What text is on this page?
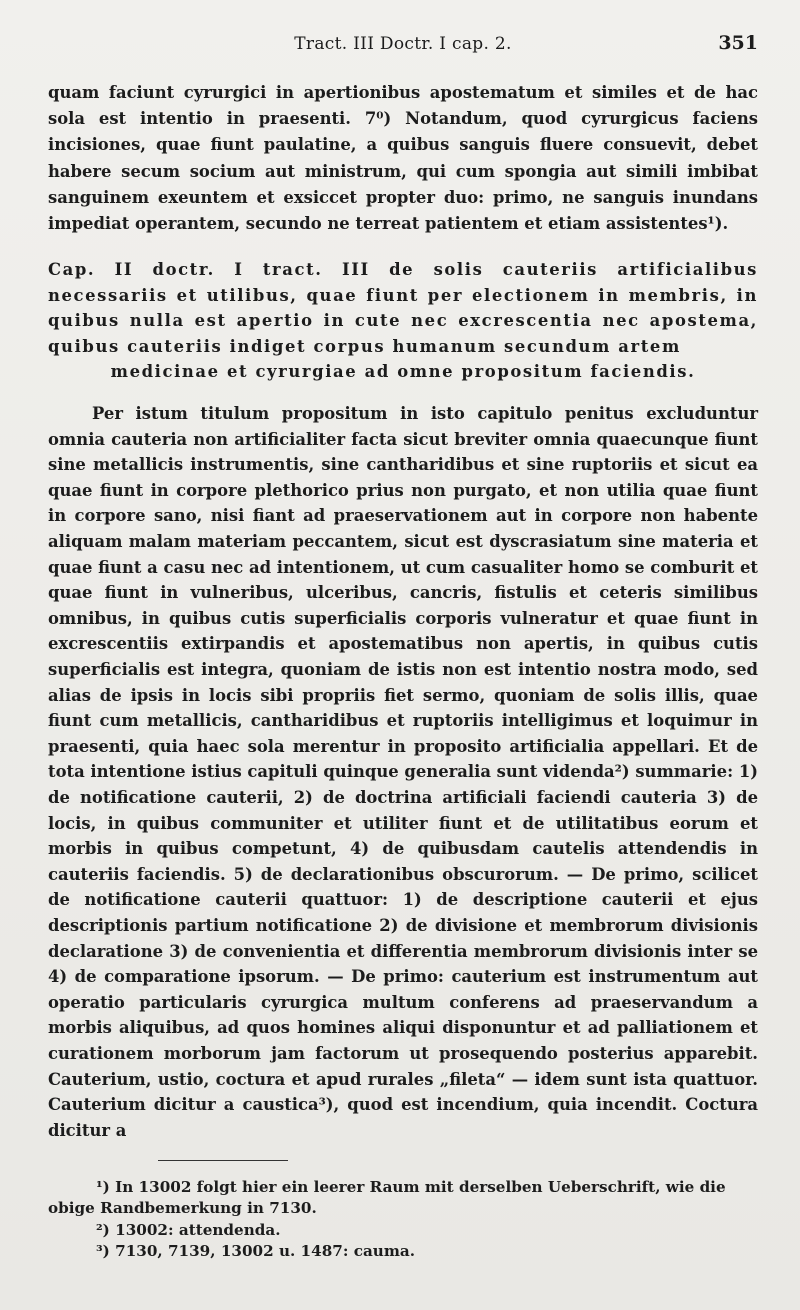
Tract. III Doctr. I cap. 2.	351

quam faciunt cyrurgici in apertionibus apostematum et similes et de hac sola est intentio in praesenti. 7⁰) Notandum, quod cyrurgicus faciens incisiones, quae fiunt paulatine, a quibus sanguis fluere consuevit, debet habere secum socium aut ministrum, qui cum spongia aut simili imbibat sanguinem exeuntem et exsiccet propter duo: primo, ne sanguis inundans impediat operantem, secundo ne terreat patientem et etiam assistentes¹).

Cap. II doctr. I tract. III de solis cauteriis artificialibus necessariis et utilibus, quae fiunt per electionem in membris, in quibus nulla est apertio in cute nec excrescentia nec apostema, quibus cauteriis indiget corpus humanum secundum artem
medicinae et cyrurgiae ad omne propositum faciendis.

Per istum titulum propositum in isto capitulo penitus excluduntur omnia cauteria non artificialiter facta sicut breviter omnia quaecunque fiunt sine metallicis instrumentis, sine cantharidibus et sine ruptoriis et sicut ea quae fiunt in corpore plethorico prius non purgato, et non utilia quae fiunt in corpore sano, nisi fiant ad praeservationem aut in corpore non habente aliquam malam materiam peccantem, sicut est dyscrasiatum sine materia et quae fiunt a casu nec ad intentionem, ut cum casualiter homo se comburit et quae fiunt in vulneribus, ulceribus, cancris, fistulis et ceteris similibus omnibus, in quibus cutis superficialis corporis vulneratur et quae fiunt in excrescentiis extirpandis et apostematibus non apertis, in quibus cutis superficialis est integra, quoniam de istis non est intentio nostra modo, sed alias de ipsis in locis sibi propriis fiet sermo, quoniam de solis illis, quae fiunt cum metallicis, cantharidibus et ruptoriis intelligimus et loquimur in praesenti, quia haec sola merentur in proposito artificialia appellari. Et de tota intentione istius capituli quinque generalia sunt videnda²) summarie: 1) de notificatione cauterii, 2) de doctrina artificiali faciendi cauteria 3) de locis, in quibus communiter et utiliter fiunt et de utilitatibus eorum et morbis in quibus competunt, 4) de quibusdam cautelis attendendis in cauteriis faciendis. 5) de declarationibus obscurorum. — De primo, scilicet de notificatione cauterii quattuor: 1) de descriptione cauterii et ejus descriptionis partium notificatione 2) de divisione et membrorum divisionis declaratione 3) de convenientia et differentia membrorum divisionis inter se 4) de comparatione ipsorum. — De primo: cauterium est instrumentum aut operatio particularis cyrurgica multum conferens ad praeservandum a morbis aliquibus, ad quos homines aliqui disponuntur et ad palliationem et curationem morborum jam factorum ut prosequendo posterius apparebit. Cauterium, ustio, coctura et apud rurales „fileta“ — idem sunt ista quattuor. Cauterium dicitur a caustica³), quod est incendium, quia incendit. Coctura dicitur a

¹) In 13002 folgt hier ein leerer Raum mit derselben Ueberschrift, wie die obige Randbemerkung in 7130.

²) 13002: attendenda.

³) 7130, 7139, 13002 u. 1487: cauma.
